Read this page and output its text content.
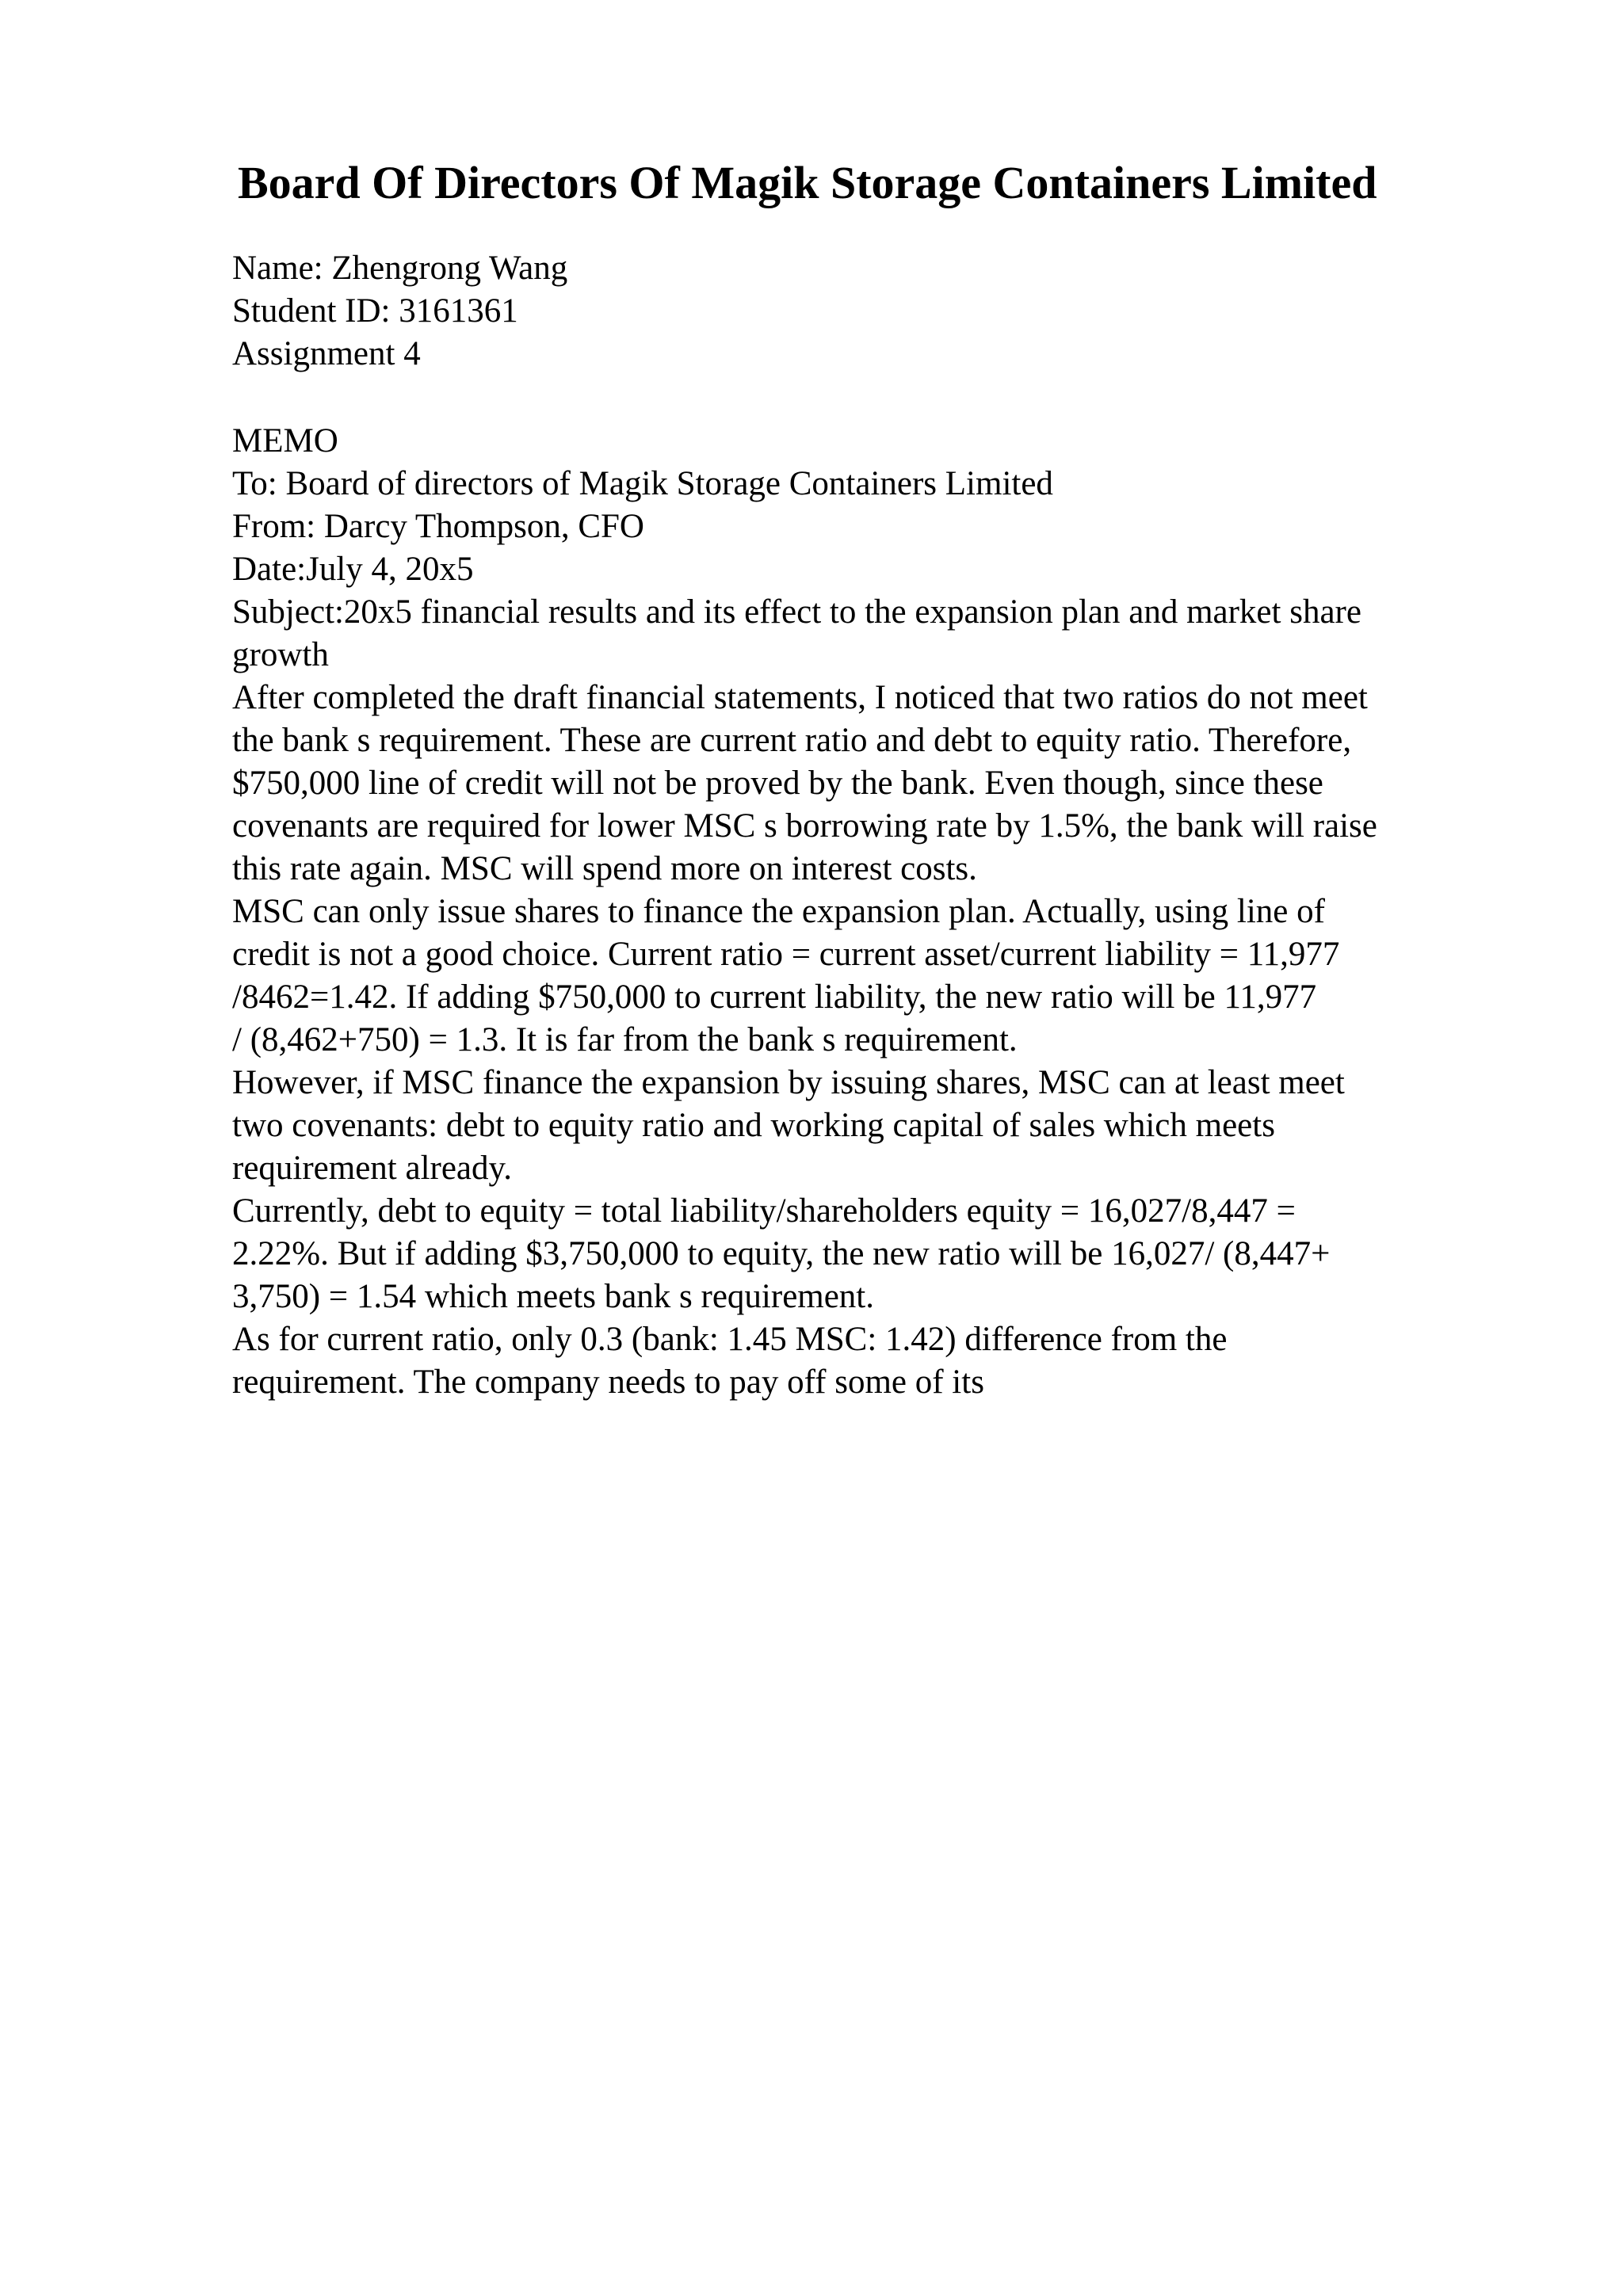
Board Of Directors Of Magik Storage Containers Limited

Name: Zhengrong Wang

Student ID: 3161361

Assignment 4

MEMO

To: Board of directors of Magik Storage Containers Limited

From: Darcy Thompson, CFO

Date:July 4, 20x5

Subject:20x5 financial results and its effect to the expansion plan and market share

growth

After completed the draft financial statements, I noticed that two ratios do not meet

the bank s requirement. These are current ratio and debt to equity ratio. Therefore,

$750,000 line of credit will not be proved by the bank. Even though, since these

covenants are required for lower MSC s borrowing rate by 1.5%, the bank will raise

this rate again. MSC will spend more on interest costs.

MSC can only issue shares to finance the expansion plan. Actually, using line of

credit is not a good choice. Current ratio = current asset/current liability = 11,977

/8462=1.42. If adding $750,000 to current liability, the new ratio will be 11,977

/ (8,462+750) = 1.3. It is far from the bank s requirement.

However, if MSC finance the expansion by issuing shares, MSC can at least meet

two covenants: debt to equity ratio and working capital of sales which meets

requirement already.

Currently, debt to equity = total liability/shareholders equity = 16,027/8,447 =

2.22%. But if adding $3,750,000 to equity, the new ratio will be 16,027/ (8,447+

3,750) = 1.54 which meets bank s requirement.

As for current ratio, only 0.3 (bank: 1.45 MSC: 1.42) difference from the

requirement. The company needs to pay off some of its
